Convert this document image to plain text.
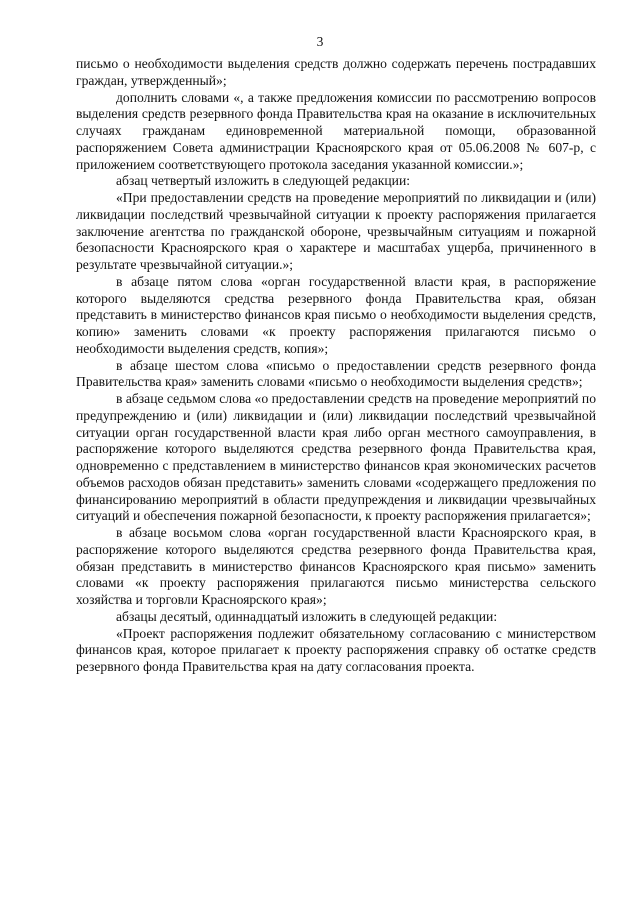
3

письмо о необходимости выделения средств должно содержать перечень пострадавших граждан, утвержденный»;

дополнить словами «, а также предложения комиссии по рассмотрению вопросов выделения средств резервного фонда Правительства края на оказание в исключительных случаях гражданам единовременной материальной помощи, образованной распоряжением Совета администрации Красноярского края от 05.06.2008 № 607-р, с приложением соответствующего протокола заседания указанной комиссии.»;

абзац четвертый изложить в следующей редакции:

«При предоставлении средств на проведение мероприятий по ликвидации и (или) ликвидации последствий чрезвычайной ситуации к проекту распоряжения прилагается заключение агентства по гражданской обороне, чрезвычайным ситуациям и пожарной безопасности Красноярского края о характере и масштабах ущерба, причиненного в результате чрезвычайной ситуации.»;

в абзаце пятом слова «орган государственной власти края, в распоряжение которого выделяются средства резервного фонда Правительства края, обязан представить в министерство финансов края письмо о необходимости выделения средств, копию» заменить словами «к проекту распоряжения прилагаются письмо о необходимости выделения средств, копия»;

в абзаце шестом слова «письмо о предоставлении средств резервного фонда Правительства края» заменить словами «письмо о необходимости выделения средств»;

в абзаце седьмом слова «о предоставлении средств на проведение мероприятий по предупреждению и (или) ликвидации и (или) ликвидации последствий чрезвычайной ситуации орган государственной власти края либо орган местного самоуправления, в распоряжение которого выделяются средства резервного фонда Правительства края, одновременно с представлением в министерство финансов края экономических расчетов объемов расходов обязан представить» заменить словами «содержащего предложения по финансированию мероприятий в области предупреждения и ликвидации чрезвычайных ситуаций и обеспечения пожарной безопасности, к проекту распоряжения прилагается»;

в абзаце восьмом слова «орган государственной власти Красноярского края, в распоряжение которого выделяются средства резервного фонда Правительства края, обязан представить в министерство финансов Красноярского края письмо» заменить словами «к проекту распоряжения прилагаются письмо министерства сельского хозяйства и торговли Красноярского края»;

абзацы десятый, одиннадцатый изложить в следующей редакции:

«Проект распоряжения подлежит обязательному согласованию с министерством финансов края, которое прилагает к проекту распоряжения справку об остатке средств резервного фонда Правительства края на дату согласования проекта.
